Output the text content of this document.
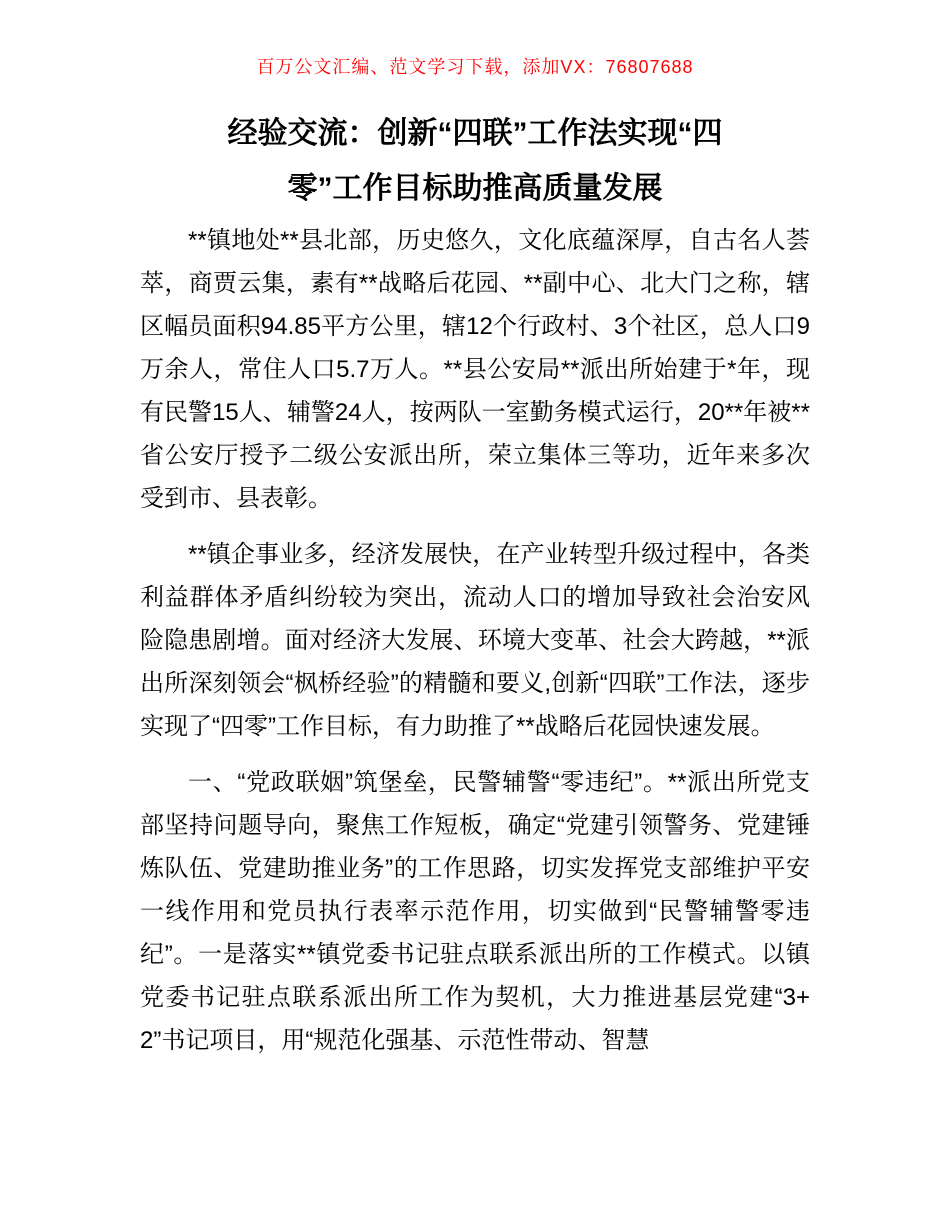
百万公文汇编、范文学习下载，添加VX：76807688
经验交流：创新“四联”工作法实现“四
零”工作目标助推高质量发展

**镇地处**县北部，历史悠久，文化底蕴深厚，自古名人荟萃，商贾云集，素有**战略后花园、**副中心、北大门之称，辖区幅员面积94.85平方公里，辖12个行政村、3个社区，总人口9万余人，常住人口5.7万人。**县公安局**派出所始建于*年，现有民警15人、辅警24人，按两队一室勤务模式运行，20**年被**省公安厅授予二级公安派出所，荣立集体三等功，近年来多次受到市、县表彰。

**镇企事业多，经济发展快，在产业转型升级过程中，各类利益群体矛盾纠纷较为突出，流动人口的增加导致社会治安风险隐患剧增。面对经济大发展、环境大变革、社会大跨越，**派出所深刻领会“枫桥经验”的精髓和要义,创新“四联”工作法，逐步实现了“四零”工作目标，有力助推了**战略后花园快速发展。

一、“党政联姻”筑堡垒，民警辅警“零违纪”。**派出所党支部坚持问题导向，聚焦工作短板，确定“党建引领警务、党建锤炼队伍、党建助推业务”的工作思路，切实发挥党支部维护平安一线作用和党员执行表率示范作用，切实做到“民警辅警零违纪”。一是落实**镇党委书记驻点联系派出所的工作模式。以镇党委书记驻点联系派出所工作为契机，大力推进基层党建“3+2”书记项目，用“规范化强基、示范性带动、智慧
